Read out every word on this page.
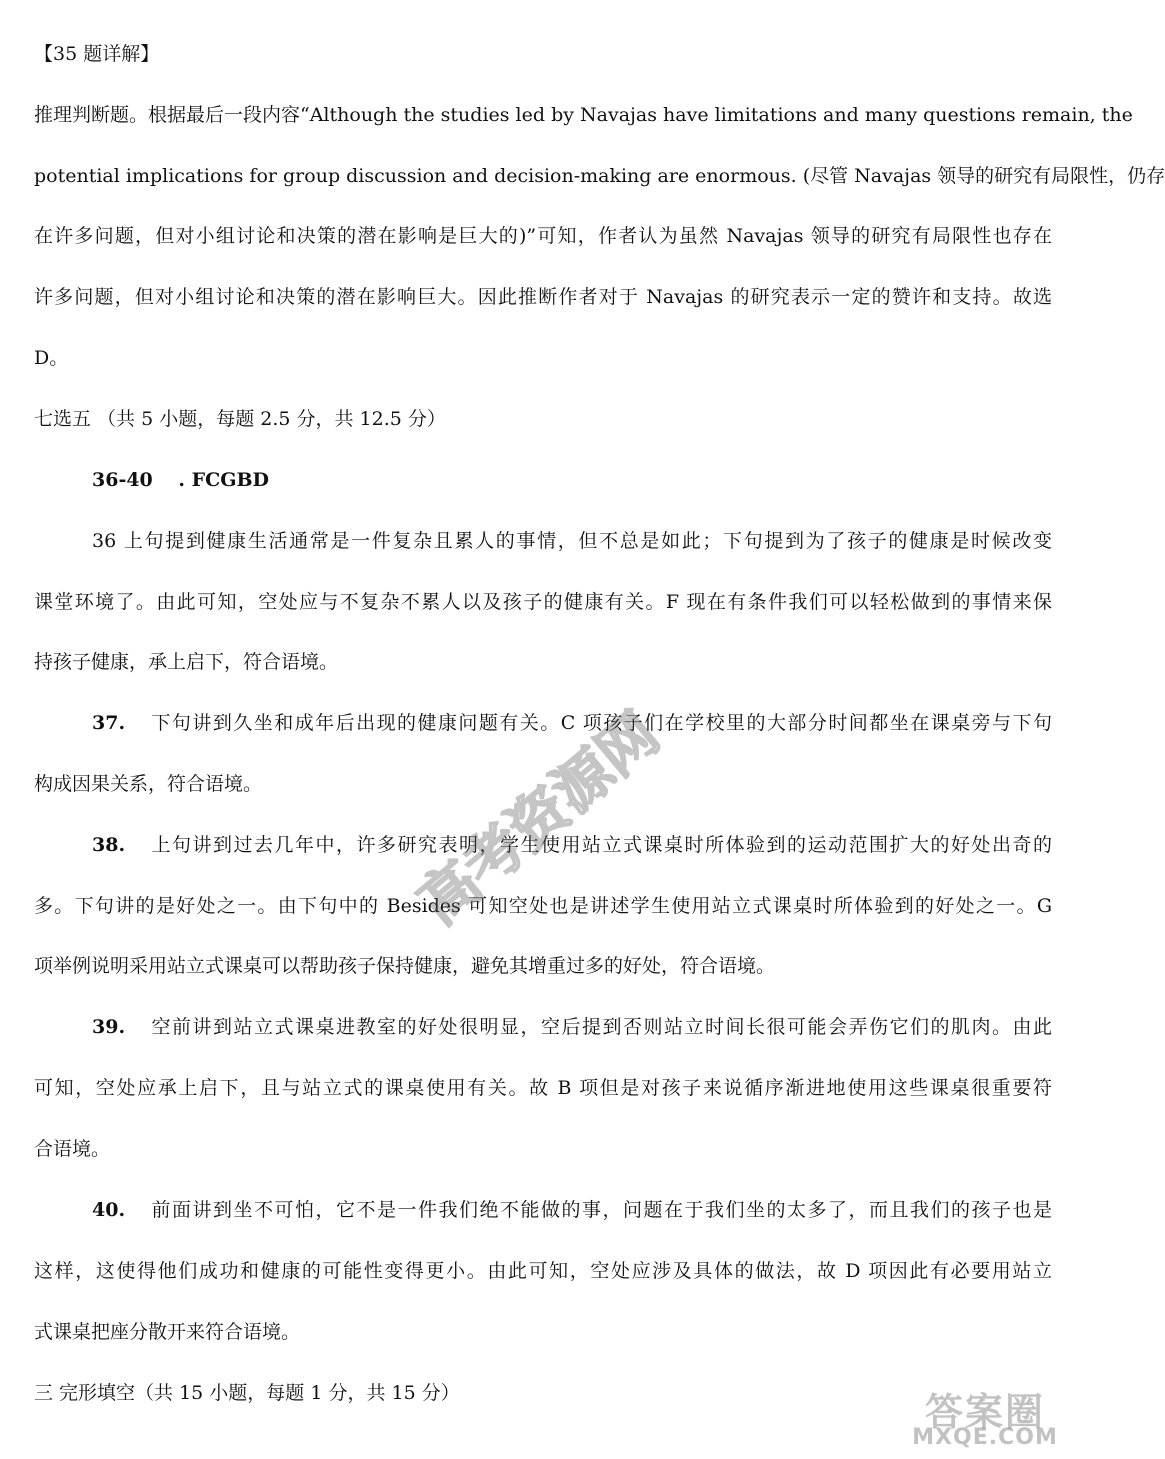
【35 题详解】
推理判断题。根据最后一段内容“Although the studies led by Navajas have limitations and many questions remain, the
potential implications for group discussion and decision-making are enormous. (尽管 Navajas 领导的研究有局限性，仍存
在许多问题，但对小组讨论和决策的潜在影响是巨大的)”可知，作者认为虽然 Navajas 领导的研究有局限性也存在
许多问题，但对小组讨论和决策的潜在影响巨大。因此推断作者对于 Navajas 的研究表示一定的赞许和支持。故选
D。
七选五 （共 5 小题，每题 2.5 分，共 12.5 分）
36-40　 . FCGBD
36 上句提到健康生活通常是一件复杂且累人的事情，但不总是如此；下句提到为了孩子的健康是时候改变
课堂环境了。由此可知，空处应与不复杂不累人以及孩子的健康有关。F 现在有条件我们可以轻松做到的事情来保
持孩子健康，承上启下，符合语境。
37. 下句讲到久坐和成年后出现的健康问题有关。C 项孩子们在学校里的大部分时间都坐在课桌旁与下句
构成因果关系，符合语境。
38. 上句讲到过去几年中，许多研究表明，学生使用站立式课桌时所体验到的运动范围扩大的好处出奇的
多。下句讲的是好处之一。由下句中的 Besides 可知空处也是讲述学生使用站立式课桌时所体验到的好处之一。G
项举例说明采用站立式课桌可以帮助孩子保持健康，避免其增重过多的好处，符合语境。
39. 空前讲到站立式课桌进教室的好处很明显，空后提到否则站立时间长很可能会弄伤它们的肌肉。由此
可知，空处应承上启下，且与站立式的课桌使用有关。故 B 项但是对孩子来说循序渐进地使用这些课桌很重要符
合语境。
40. 前面讲到坐不可怕，它不是一件我们绝不能做的事，问题在于我们坐的太多了，而且我们的孩子也是
这样，这使得他们成功和健康的可能性变得更小。由此可知，空处应涉及具体的做法，故 D 项因此有必要用站立
式课桌把座分散开来符合语境。
三 完形填空（共 15 小题，每题 1 分，共 15 分）
高考资源网
答案圈
MXQE.COM
